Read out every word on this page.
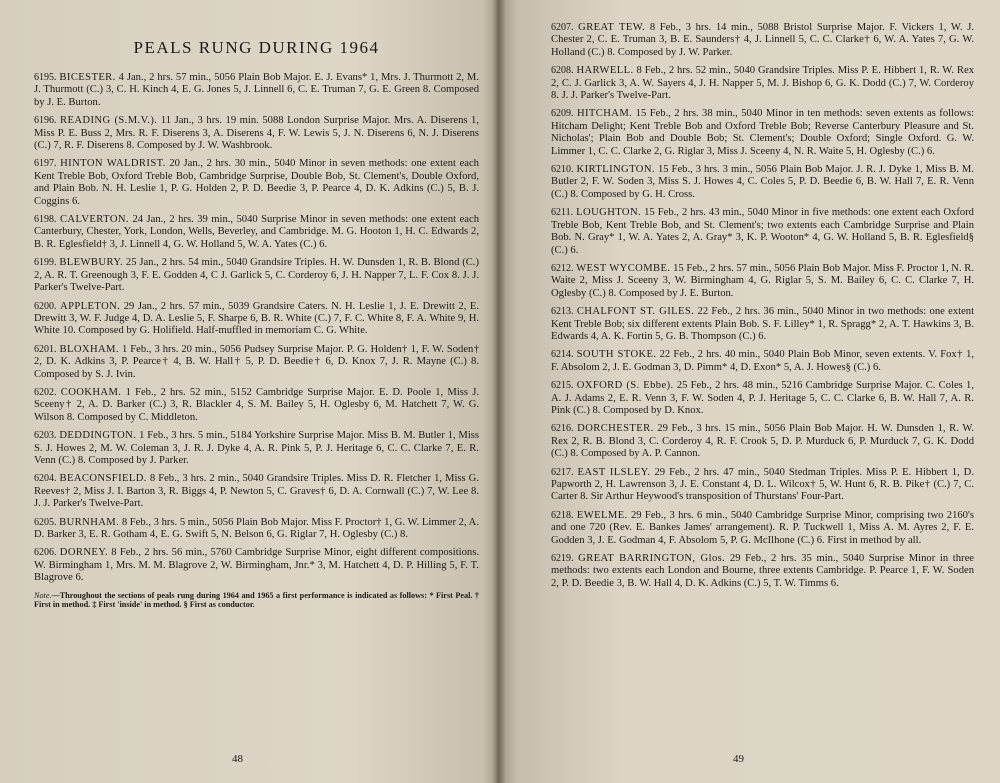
PEALS RUNG DURING 1964

6195. BICESTER. 4 Jan., 2 hrs. 57 min., 5056 Plain Bob Major. E. J. Evans* 1, Mrs. J. Thurmott 2, M. J. Thurmott (C.) 3, C. H. Kinch 4, E. G. Jones 5, J. Linnell 6, C. E. Truman 7, G. E. Green 8. Composed by J. E. Burton.

6196. READING (S.M.V.). 11 Jan., 3 hrs. 19 min. 5088 London Surprise Major. Mrs. A. Diserens 1, Miss P. E. Buss 2, Mrs. R. F. Diserens 3, A. Diserens 4, F. W. Lewis 5, J. N. Diserens 6, N. J. Diserens (C.) 7, R. F. Diserens 8. Composed by J. W. Washbrook.

6197. HINTON WALDRIST. 20 Jan., 2 hrs. 30 min., 5040 Minor in seven methods: one extent each Kent Treble Bob, Oxford Treble Bob, Cambridge Surprise, Double Bob, St. Clement's, Double Oxford, and Plain Bob. N. H. Leslie 1, P. G. Holden 2, P. D. Beedie 3, P. Pearce 4, D. K. Adkins (C.) 5, B. J. Coggins 6.

6198. CALVERTON. 24 Jan., 2 hrs. 39 min., 5040 Surprise Minor in seven methods: one extent each Canterbury, Chester, York, London, Wells, Beverley, and Cambridge. M. G. Hooton 1, H. C. Edwards 2, B. R. Eglesfield† 3, J. Linnell 4, G. W. Holland 5, W. A. Yates (C.) 6.

6199. BLEWBURY. 25 Jan., 2 hrs. 54 min., 5040 Grandsire Triples. H. W. Dunsden 1, R. B. Blond (C.) 2, A. R. T. Greenough 3, F. E. Godden 4, C J. Garlick 5, C. Corderoy 6, J. H. Napper 7, L. F. Cox 8. J. J. Parker's Twelve-Part.

6200. APPLETON. 29 Jan., 2 hrs. 57 min., 5039 Grandsire Caters. N. H. Leslie 1, J. E. Drewitt 2, E. Drewitt 3, W. F. Judge 4, D. A. Leslie 5, F. Sharpe 6, B. R. White (C.) 7, F. C. White 8, F. A. White 9, H. White 10. Composed by G. Holifield. Half-muffled in memoriam C. G. White.

6201. BLOXHAM. 1 Feb., 3 hrs. 20 min., 5056 Pudsey Surprise Major. P. G. Holden† 1, F. W. Soden† 2, D. K. Adkins 3, P. Pearce† 4, B. W. Hall† 5, P. D. Beedie† 6, D. Knox 7, J. R. Mayne (C.) 8. Composed by S. J. Ivin.

6202. COOKHAM. 1 Feb., 2 hrs. 52 min., 5152 Cambridge Surprise Major. E. D. Poole 1, Miss J. Sceeny† 2, A. D. Barker (C.) 3, R. Blackler 4, S. M. Bailey 5, H. Oglesby 6, M. Hatchett 7, W. G. Wilson 8. Composed by C. Middleton.

6203. DEDDINGTON. 1 Feb., 3 hrs. 5 min., 5184 Yorkshire Surprise Major. Miss B. M. Butler 1, Miss S. J. Howes 2, M. W. Coleman 3, J. R. J. Dyke 4, A. R. Pink 5, P. J. Heritage 6, C. C. Clarke 7, E. R. Venn (C.) 8. Composed by J. Parker.

6204. BEACONSFIELD. 8 Feb., 3 hrs. 2 min., 5040 Grandsire Triples. Miss D. R. Fletcher 1, Miss G. Reeves† 2, Miss J. I. Barton 3, R. Biggs 4, P. Newton 5, C. Graves† 6, D. A. Cornwall (C.) 7, W. Lee 8. J. J. Parker's Twelve-Part.

6205. BURNHAM. 8 Feb., 3 hrs. 5 min., 5056 Plain Bob Major. Miss F. Proctor† 1, G. W. Limmer 2, A. D. Barker 3, E. R. Gotham 4, E. G. Swift 5, N. Belson 6, G. Riglar 7, H. Oglesby (C.) 8.

6206. DORNEY. 8 Feb., 2 hrs. 56 min., 5760 Cambridge Surprise Minor, eight different compositions. W. Birmingham 1, Mrs. M. M. Blagrove 2, W. Birmingham, Jnr.* 3, M. Hatchett 4, D. P. Hilling 5, F. T. Blagrove 6.

Note.—Throughout the sections of peals rung during 1964 and 1965 a first performance is indicated as follows: * First Peal. † First in method. ‡ First 'inside' in method. § First as conductor.
48

6207. GREAT TEW. 8 Feb., 3 hrs. 14 min., 5088 Bristol Surprise Major. F. Vickers 1, W. J. Chester 2, C. E. Truman 3, B. E. Saunders† 4, J. Linnell 5, C. C. Clarke† 6, W. A. Yates 7, G. W. Holland (C.) 8. Composed by J. W. Parker.

6208. HARWELL. 8 Feb., 2 hrs. 52 min., 5040 Grandsire Triples. Miss P. E. Hibbert 1, R. W. Rex 2, C. J. Garlick 3, A. W. Sayers 4, J. H. Napper 5, M. J. Bishop 6, G. K. Dodd (C.) 7, W. Corderoy 8. J. J. Parker's Twelve-Part.

6209. HITCHAM. 15 Feb., 2 hrs. 38 min., 5040 Minor in ten methods: seven extents as follows: Hitcham Delight; Kent Treble Bob and Oxford Treble Bob; Reverse Canterbury Pleasure and St. Nicholas'; Plain Bob and Double Bob; St. Clement's; Double Oxford; Single Oxford. G. W. Limmer 1, C. C. Clarke 2, G. Riglar 3, Miss J. Sceeny 4, N. R. Waite 5, H. Oglesby (C.) 6.

6210. KIRTLINGTON. 15 Feb., 3 hrs. 3 min., 5056 Plain Bob Major. J. R. J. Dyke 1, Miss B. M. Butler 2, F. W. Soden 3, Miss S. J. Howes 4, C. Coles 5, P. D. Beedie 6, B. W. Hall 7, E. R. Venn (C.) 8. Composed by G. H. Cross.

6211. LOUGHTON. 15 Feb., 2 hrs. 43 min., 5040 Minor in five methods: one extent each Oxford Treble Bob, Kent Treble Bob, and St. Clement's; two extents each Cambridge Surprise and Plain Bob. N. Gray* 1, W. A. Yates 2, A. Gray* 3, K. P. Wooton* 4, G. W. Holland 5, B. R. Eglesfield§ (C.) 6.

6212. WEST WYCOMBE. 15 Feb., 2 hrs. 57 min., 5056 Plain Bob Major. Miss F. Proctor 1, N. R. Waite 2, Miss J. Sceeny 3, W. Birmingham 4, G. Riglar 5, S. M. Bailey 6, C. C. Clarke 7, H. Oglesby (C.) 8. Composed by J. E. Burton.

6213. CHALFONT ST. GILES. 22 Feb., 2 hrs. 36 min., 5040 Minor in two methods: one extent Kent Treble Bob; six different extents Plain Bob. S. F. Lilley* 1, R. Spragg* 2, A. T. Hawkins 3, B. Edwards 4, A. K. Fortin 5, G. B. Thompson (C.) 6.

6214. SOUTH STOKE. 22 Feb., 2 hrs. 40 min., 5040 Plain Bob Minor, seven extents. V. Fox† 1, F. Absolom 2, J. E. Godman 3, D. Pimm* 4, D. Exon* 5, A. J. Howes§ (C.) 6.

6215. OXFORD (S. Ebbe). 25 Feb., 2 hrs. 48 min., 5216 Cambridge Surprise Major. C. Coles 1, A. J. Adams 2, E. R. Venn 3, F. W. Soden 4, P. J. Heritage 5, C. C. Clarke 6, B. W. Hall 7, A. R. Pink (C.) 8. Composed by D. Knox.

6216. DORCHESTER. 29 Feb., 3 hrs. 15 min., 5056 Plain Bob Major. H. W. Dunsden 1, R. W. Rex 2, R. B. Blond 3, C. Corderoy 4, R. F. Crook 5, D. P. Murduck 6, P. Murduck 7, G. K. Dodd (C.) 8. Composed by A. P. Cannon.

6217. EAST ILSLEY. 29 Feb., 2 hrs. 47 min., 5040 Stedman Triples. Miss P. E. Hibbert 1, D. Papworth 2, H. Lawrenson 3, J. E. Constant 4, D. L. Wilcox† 5, W. Hunt 6, R. B. Pike† (C.) 7, C. Carter 8. Sir Arthur Heywood's transposition of Thurstans' Four-Part.

6218. EWELME. 29 Feb., 3 hrs. 6 min., 5040 Cambridge Surprise Minor, comprising two 2160's and one 720 (Rev. E. Bankes James' arrangement). R. P. Tuckwell 1, Miss A. M. Ayres 2, F. E. Godden 3, J. E. Godman 4, F. Absolom 5, P. G. McIlhone (C.) 6. First in method by all.

6219. GREAT BARRINGTON, Glos. 29 Feb., 2 hrs. 35 min., 5040 Surprise Minor in three methods: two extents each London and Bourne, three extents Cambridge. P. Pearce 1, F. W. Soden 2, P. D. Beedie 3, B. W. Hall 4, D. K. Adkins (C.) 5, T. W. Timms 6.

49
